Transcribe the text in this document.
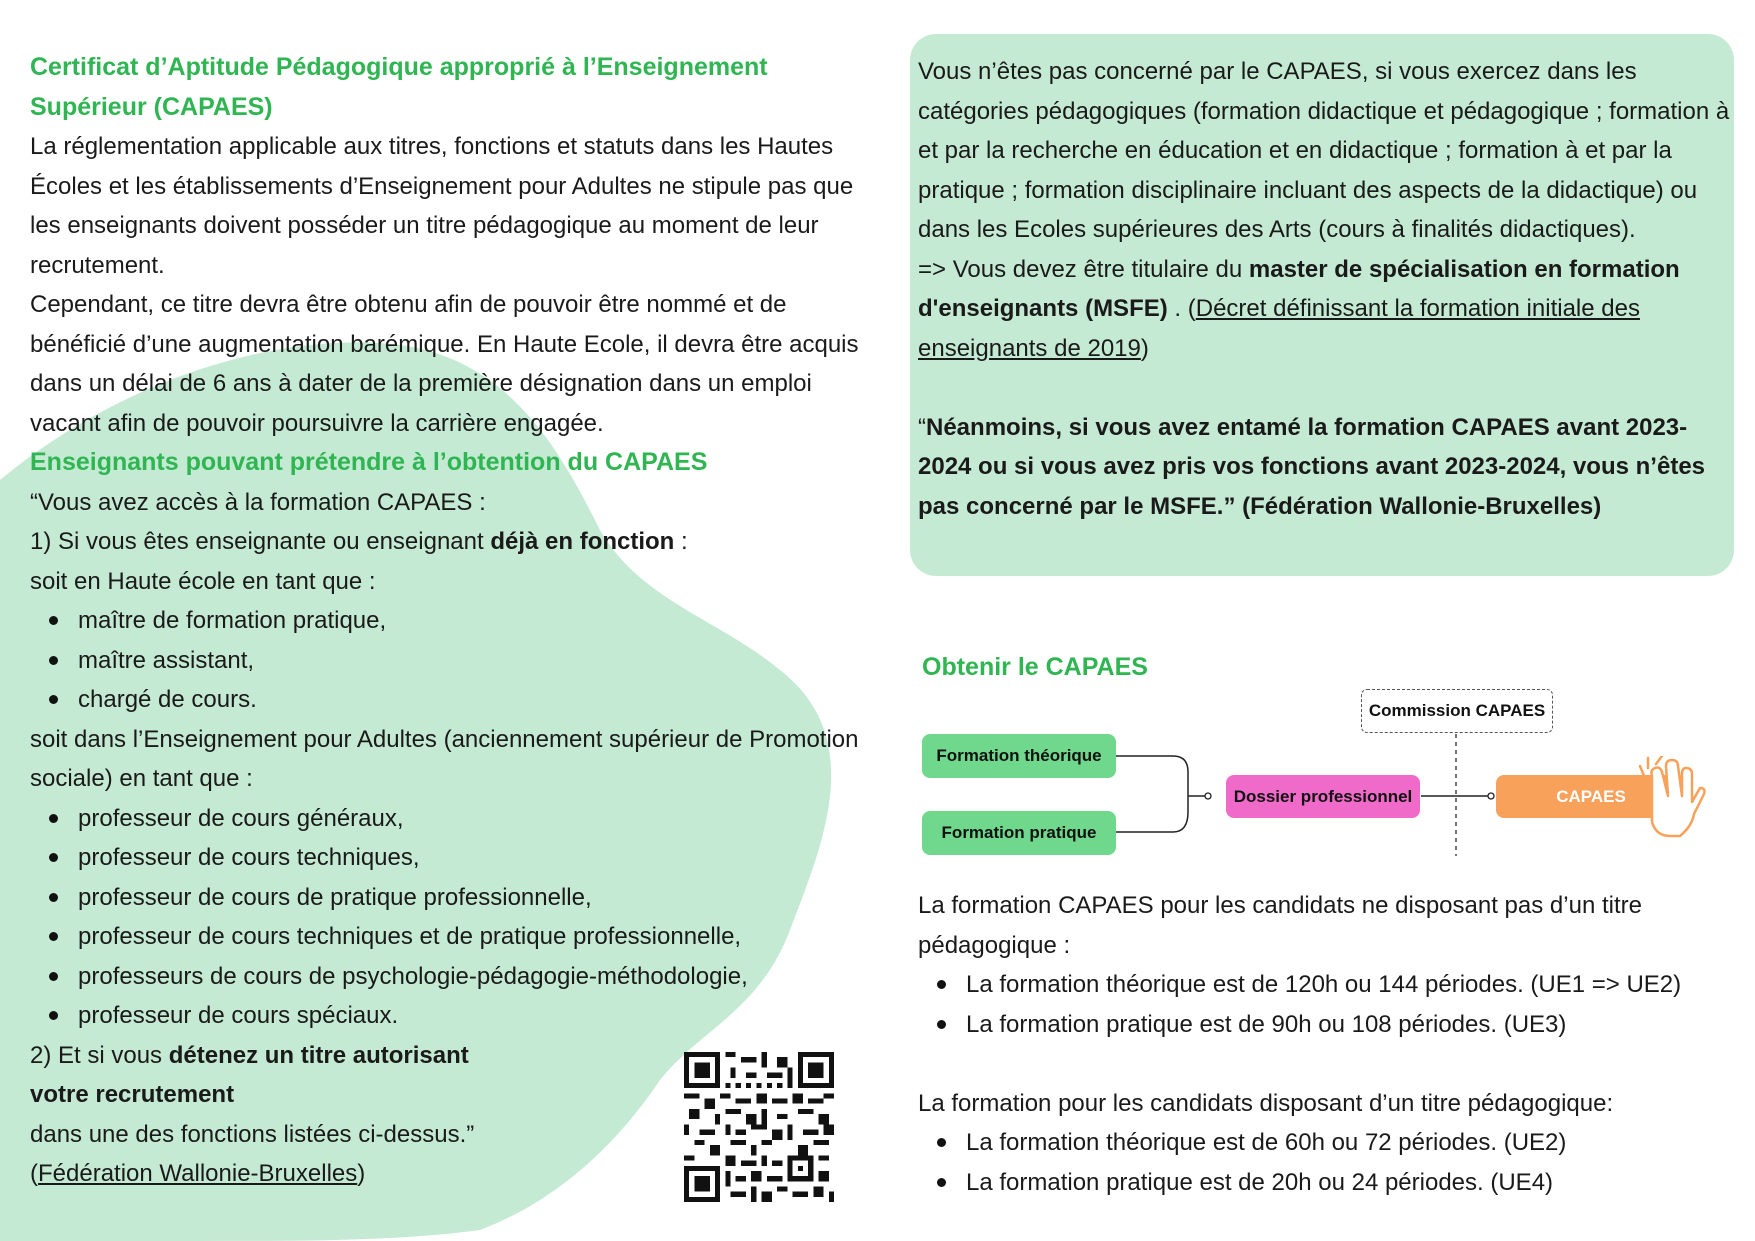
Certificat d’Aptitude Pédagogique approprié à l’Enseignement Supérieur (CAPAES)

La réglementation applicable aux titres, fonctions et statuts dans les Hautes Écoles et les établissements d’Enseignement pour Adultes ne stipule pas que les enseignants doivent posséder un titre pédagogique au moment de leur recrutement.

Cependant, ce titre devra être obtenu afin de pouvoir être nommé et de bénéficié d’une augmentation barémique. En Haute Ecole, il devra être acquis dans un délai de 6 ans à dater de la première désignation dans un emploi vacant afin de pouvoir poursuivre la carrière engagée.

Enseignants pouvant prétendre à l’obtention du CAPAES

“Vous avez accès à la formation CAPAES :

1) Si vous êtes enseignante ou enseignant déjà en fonction :

soit en Haute école en tant que :

maître de formation pratique,
maître assistant,
chargé de cours.

soit dans l’Enseignement pour Adultes (anciennement supérieur de Promotion sociale) en tant que :

professeur de cours généraux,
professeur de cours techniques,
professeur de cours de pratique professionnelle,
professeur de cours techniques et de pratique professionnelle,
professeurs de cours de psychologie-pédagogie-méthodologie,
professeur de cours spéciaux.

2) Et si vous détenez un titre autorisant
votre recrutement

dans une des fonctions listées ci-dessus.”

(Fédération Wallonie-Bruxelles)

Vous n’êtes pas concerné par le CAPAES, si vous exercez dans les catégories pédagogiques (formation didactique et pédagogique ; formation à et par la recherche en éducation et en didactique ; formation à et par la pratique ; formation disciplinaire incluant des aspects de la didactique) ou dans les Ecoles supérieures des Arts (cours à finalités didactiques).

=> Vous devez être titulaire du master de spécialisation en formation d'enseignants (MSFE) . (Décret définissant la formation initiale des enseignants de 2019)

“Néanmoins, si vous avez entamé la formation CAPAES avant 2023-2024 ou si vous avez pris vos fonctions avant 2023-2024, vous n’êtes pas concerné par le MSFE.” (Fédération Wallonie-Bruxelles)

Obtenir le CAPAES
Formation théorique
Formation pratique
Dossier professionnel
Commission CAPAES
CAPAES

La formation CAPAES pour les candidats ne disposant pas d’un titre pédagogique :

La formation théorique est de 120h ou 144 périodes. (UE1 => UE2)
La formation pratique est de 90h ou 108 périodes. (UE3)

La formation pour les candidats disposant d’un titre pédagogique:

La formation théorique est de 60h ou 72 périodes. (UE2)
La formation pratique est de 20h ou 24 périodes. (UE4)
